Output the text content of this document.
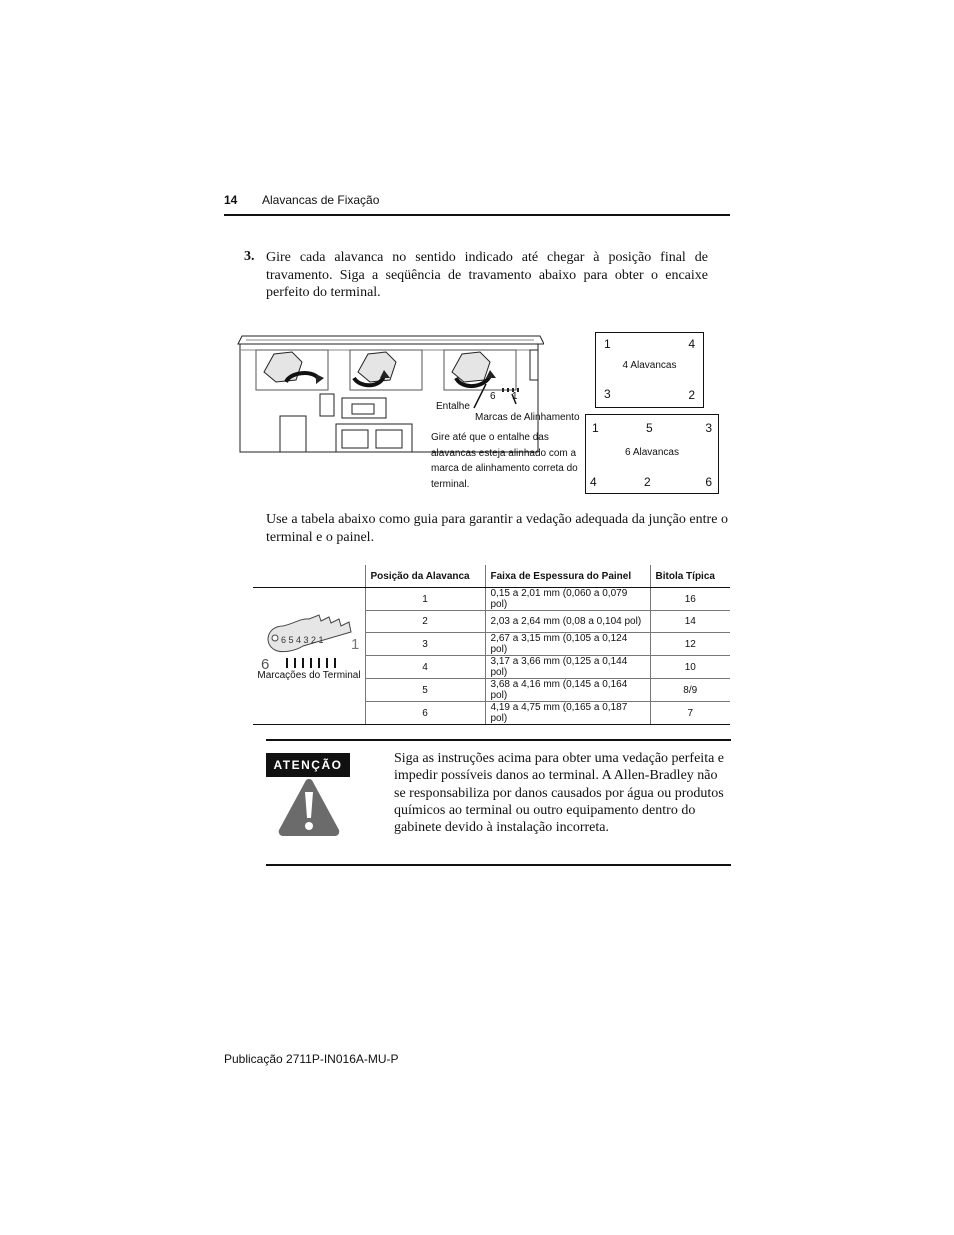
14 Alavancas de Fixação
3. Gire cada alavanca no sentido indicado até chegar à posição final de travamento. Siga a seqüência de travamento abaixo para obter o encaixe perfeito do terminal.
Entalhe
6 1
Marcas de Alinhamento
Gire até que o entalhe das alavancas esteja alinhado com a marca de alinhamento correta do terminal.
1	4
4 Alavancas
3	2
1	5	3
6 Alavancas
4	2	6
Use a tabela abaixo como guia para garantir a vedação adequada da junção entre o terminal e o painel.
	Posição da Alavanca	Faixa de Espessura do Painel	Bitola Típica

6 5 4 3 2 1
6
1
Marcações do Terminal	1	0,15 a 2,01 mm (0,060 a 0,079 pol)	16
	2	2,03 a 2,64 mm (0,08 a 0,104 pol)	14
	3	2,67 a 3,15 mm (0,105 a 0,124 pol)	12
	4	3,17 a 3,66 mm (0,125 a 0,144 pol)	10
	5	3,68 a 4,16 mm (0,145 a 0,164 pol)	8/9
	6	4,19 a 4,75 mm (0,165 a 0,187 pol)	7
ATENÇÃO	Siga as instruções acima para obter uma vedação perfeita e impedir possíveis danos ao terminal. A Allen-Bradley não se responsabiliza por danos causados por água ou produtos químicos ao terminal ou outro equipamento dentro do gabinete devido à instalação incorreta.
Publicação 2711P-IN016A-MU-P
